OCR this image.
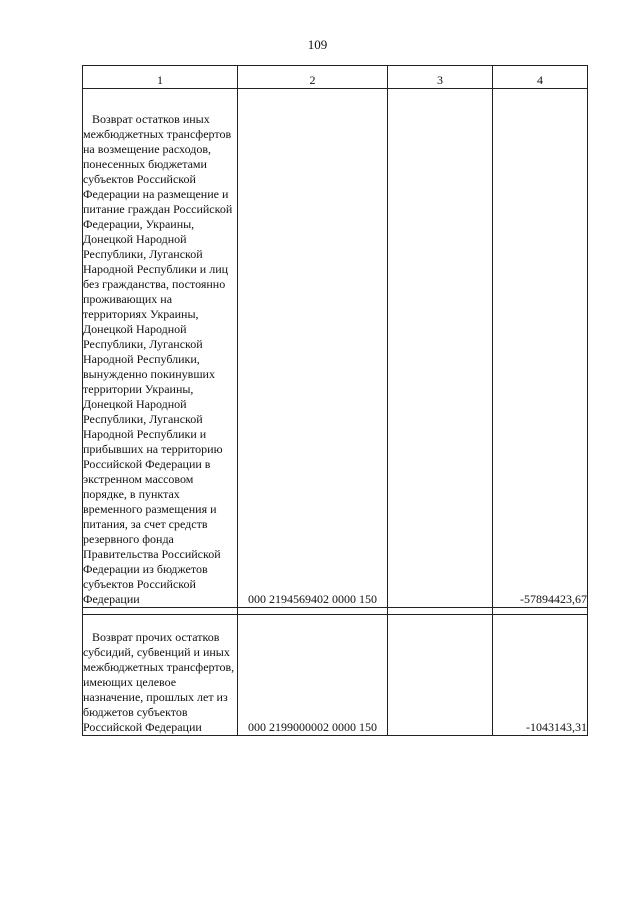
109
1	2	3	4

Возврат остатков иных межбюджетных трансфертов на возмещение расходов, понесенных бюджетами субъектов Российской Федерации на размещение и питание граждан Российской Федерации, Украины, Донецкой Народной Республики, Луганской Народной Республики и лиц без гражданства, постоянно проживающих на территориях Украины, Донецкой Народной Республики, Луганской Народной Республики, вынужденно покинувших территории Украины, Донецкой Народной Республики, Луганской Народной Республики и прибывших на территорию Российской Федерации в экстренном массовом порядке, в пунктах временного размещения и питания, за счет средств резервного фонда Правительства Российской Федерации из бюджетов субъектов Российской Федерации	000 2194569402 0000 150		-57894423,67

Возврат прочих остатков субсидий, субвенций и иных межбюджетных трансфертов, имеющих целевое назначение, прошлых лет из бюджетов субъектов Российской Федерации	000 2199000002 0000 150		-1043143,31
